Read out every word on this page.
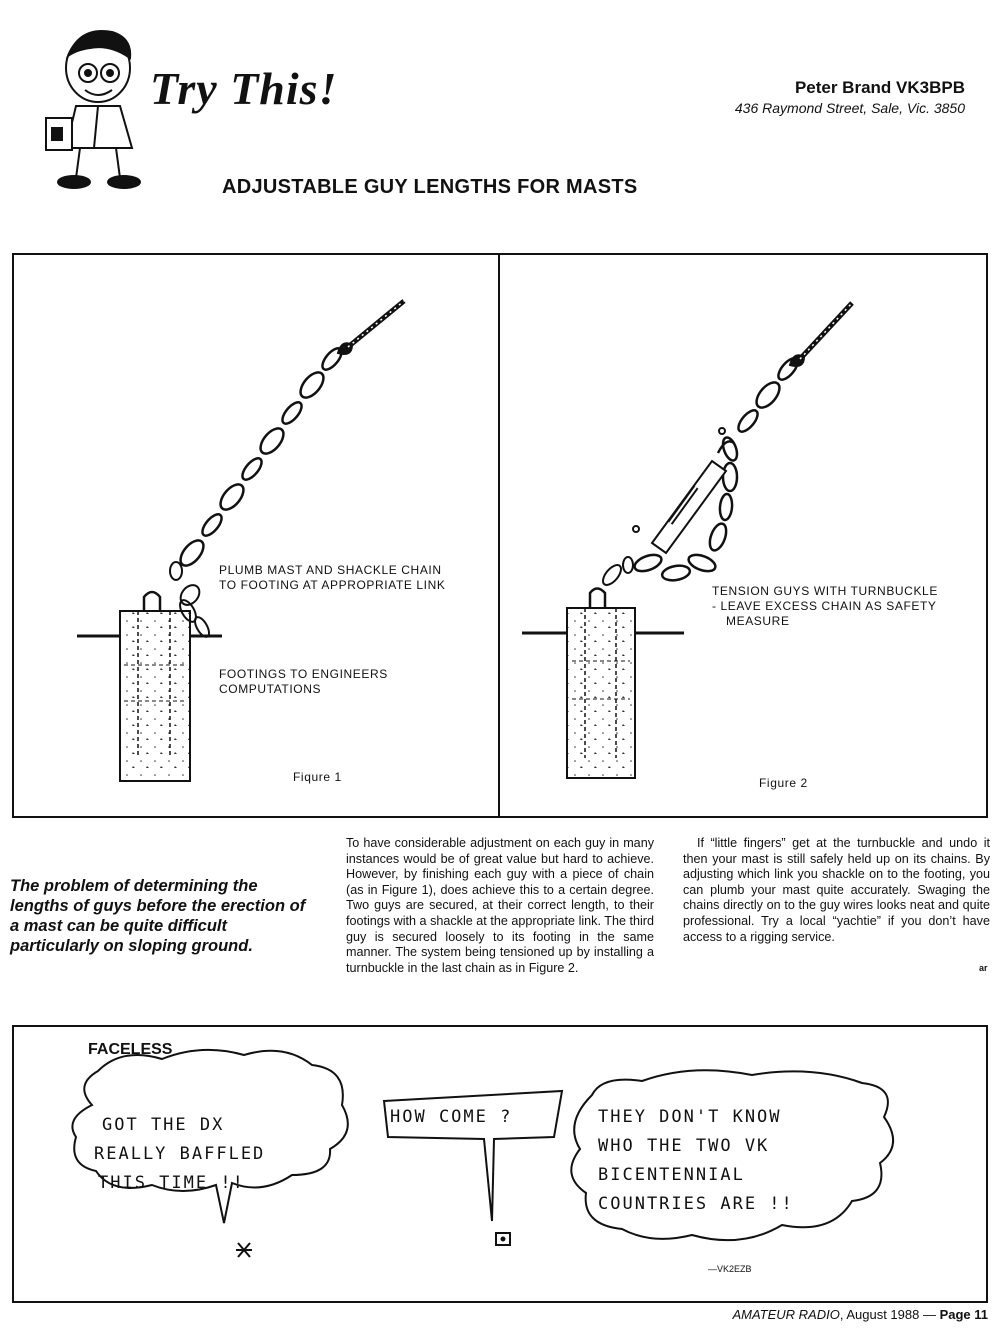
Try This!	Peter Brand VK3BPB
436 Raymond Street, Sale, Vic. 3850
ADJUSTABLE GUY LENGTHS FOR MASTS
PLUMB MAST AND SHACKLE CHAIN
TO FOOTING AT APPROPRIATE LINK
FOOTINGS TO ENGINEERS
COMPUTATIONS
Fiqure 1
TENSION GUYS WITH TURNBUCKLE
- LEAVE EXCESS CHAIN AS SAFETY
MEASURE
Figure 2
The problem of determining the lengths of guys before the erection of a mast can be quite difficult particularly on sloping ground.

To have considerable adjustment on each guy in many instances would be of great value but hard to achieve. However, by finishing each guy with a piece of chain (as in Figure 1), does achieve this to a certain degree. Two guys are secured, at their correct length, to their footings with a shackle at the appropriate link. The third guy is secured loosely to its footing in the same manner. The system being tensioned up by installing a turnbuckle in the last chain as in Figure 2.

If “little fingers” get at the turnbuckle and undo it then your mast is still safely held up on its chains. By adjusting which link you shackle on to the footing, you can plumb your mast quite accurately. Swaging the chains directly on to the guy wires looks neat and quite professional. Try a local “yachtie” if you don’t have access to a rigging service.

ar
FACELESS
GOT THE DX
REALLY BAFFLED
THIS TIME !!
HOW COME ?	THEY DON'T KNOW
WHO THE TWO VK
BICENTENNIAL
COUNTRIES ARE !!
—VK2EZB
AMATEUR RADIO, August 1988 — Page 11
